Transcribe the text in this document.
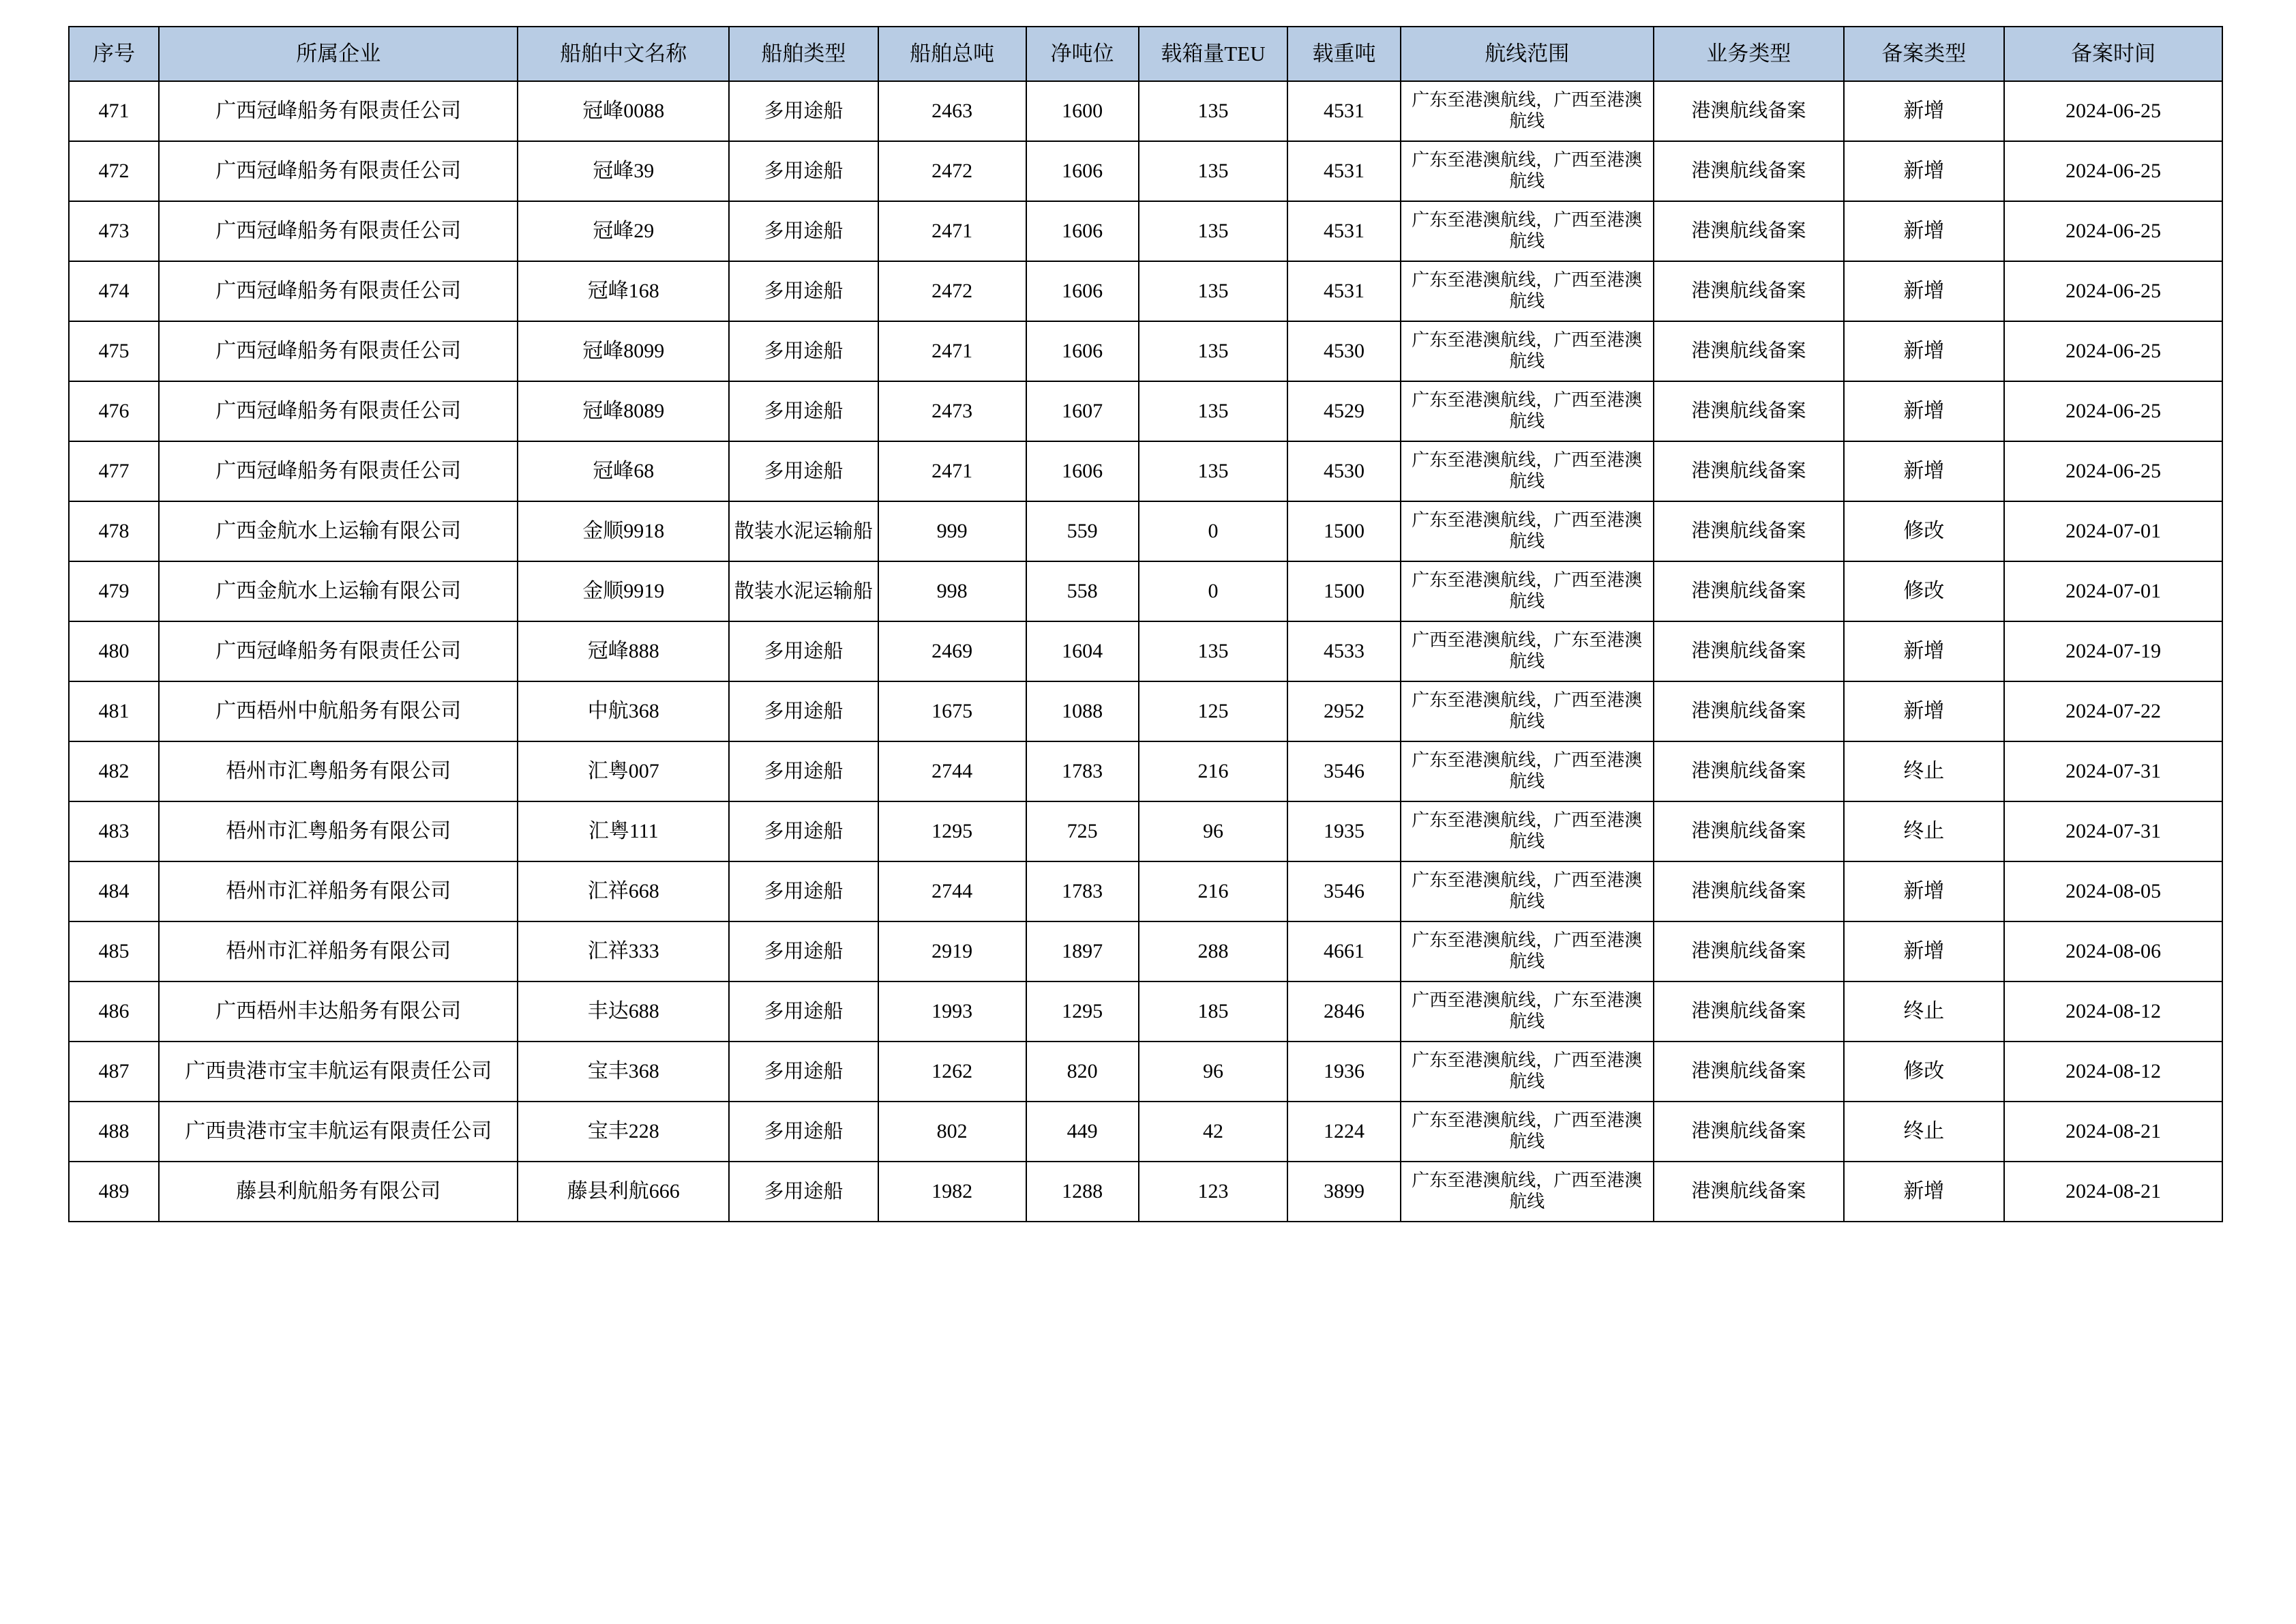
序号	所属企业	船舶中文名称	船舶类型	船舶总吨	净吨位	载箱量TEU	载重吨	航线范围	业务类型	备案类型	备案时间
471	广西冠峰船务有限责任公司	冠峰0088	多用途船	2463	1600	135	4531	广东至港澳航线，广西至港澳航线	港澳航线备案	新增	2024-06-25
472	广西冠峰船务有限责任公司	冠峰39	多用途船	2472	1606	135	4531	广东至港澳航线，广西至港澳航线	港澳航线备案	新增	2024-06-25
473	广西冠峰船务有限责任公司	冠峰29	多用途船	2471	1606	135	4531	广东至港澳航线，广西至港澳航线	港澳航线备案	新增	2024-06-25
474	广西冠峰船务有限责任公司	冠峰168	多用途船	2472	1606	135	4531	广东至港澳航线，广西至港澳航线	港澳航线备案	新增	2024-06-25
475	广西冠峰船务有限责任公司	冠峰8099	多用途船	2471	1606	135	4530	广东至港澳航线，广西至港澳航线	港澳航线备案	新增	2024-06-25
476	广西冠峰船务有限责任公司	冠峰8089	多用途船	2473	1607	135	4529	广东至港澳航线，广西至港澳航线	港澳航线备案	新增	2024-06-25
477	广西冠峰船务有限责任公司	冠峰68	多用途船	2471	1606	135	4530	广东至港澳航线，广西至港澳航线	港澳航线备案	新增	2024-06-25
478	广西金航水上运输有限公司	金顺9918	散装水泥运输船	999	559	0	1500	广东至港澳航线，广西至港澳航线	港澳航线备案	修改	2024-07-01
479	广西金航水上运输有限公司	金顺9919	散装水泥运输船	998	558	0	1500	广东至港澳航线，广西至港澳航线	港澳航线备案	修改	2024-07-01
480	广西冠峰船务有限责任公司	冠峰888	多用途船	2469	1604	135	4533	广西至港澳航线，广东至港澳航线	港澳航线备案	新增	2024-07-19
481	广西梧州中航船务有限公司	中航368	多用途船	1675	1088	125	2952	广东至港澳航线，广西至港澳航线	港澳航线备案	新增	2024-07-22
482	梧州市汇粤船务有限公司	汇粤007	多用途船	2744	1783	216	3546	广东至港澳航线，广西至港澳航线	港澳航线备案	终止	2024-07-31
483	梧州市汇粤船务有限公司	汇粤111	多用途船	1295	725	96	1935	广东至港澳航线，广西至港澳航线	港澳航线备案	终止	2024-07-31
484	梧州市汇祥船务有限公司	汇祥668	多用途船	2744	1783	216	3546	广东至港澳航线，广西至港澳航线	港澳航线备案	新增	2024-08-05
485	梧州市汇祥船务有限公司	汇祥333	多用途船	2919	1897	288	4661	广东至港澳航线，广西至港澳航线	港澳航线备案	新增	2024-08-06
486	广西梧州丰达船务有限公司	丰达688	多用途船	1993	1295	185	2846	广西至港澳航线，广东至港澳航线	港澳航线备案	终止	2024-08-12
487	广西贵港市宝丰航运有限责任公司	宝丰368	多用途船	1262	820	96	1936	广东至港澳航线，广西至港澳航线	港澳航线备案	修改	2024-08-12
488	广西贵港市宝丰航运有限责任公司	宝丰228	多用途船	802	449	42	1224	广东至港澳航线，广西至港澳航线	港澳航线备案	终止	2024-08-21
489	藤县利航船务有限公司	藤县利航666	多用途船	1982	1288	123	3899	广东至港澳航线，广西至港澳航线	港澳航线备案	新增	2024-08-21
